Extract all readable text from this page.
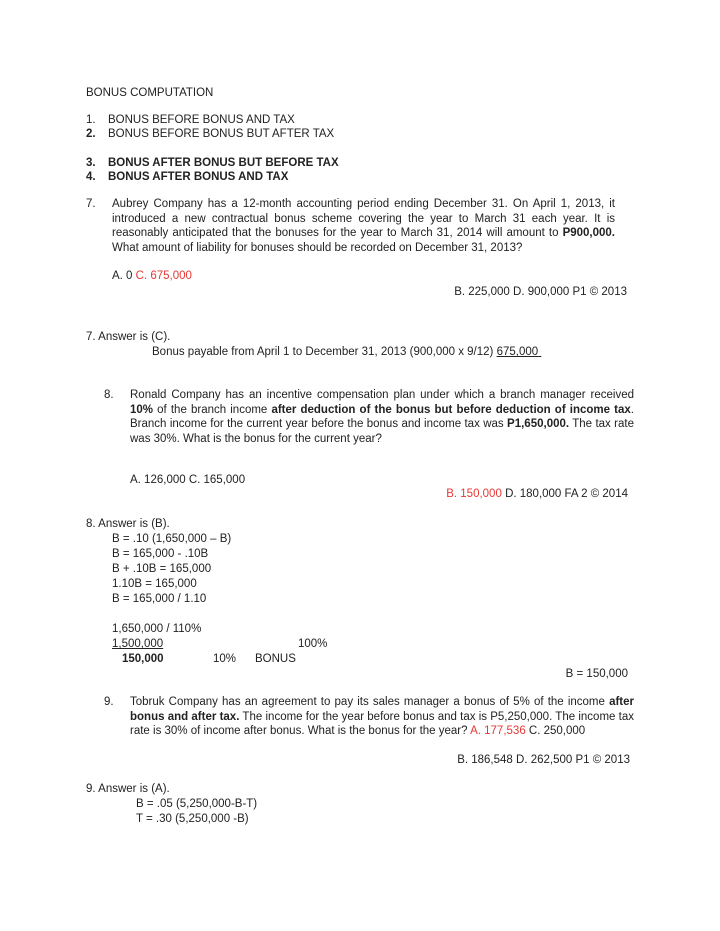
BONUS COMPUTATION
1. BONUS BEFORE BONUS AND TAX
2. BONUS BEFORE BONUS BUT AFTER TAX
3. BONUS AFTER BONUS BUT BEFORE TAX
4. BONUS AFTER BONUS AND TAX
7. Aubrey Company has a 12-month accounting period ending December 31. On April 1, 2013, it introduced a new contractual bonus scheme covering the year to March 31 each year. It is reasonably anticipated that the bonuses for the year to March 31, 2014 will amount to P900,000. What amount of liability for bonuses should be recorded on December 31, 2013?
A. 0 C. 675,000
B. 225,000 D. 900,000 P1 © 2013
7. Answer is (C).
Bonus payable from April 1 to December 31, 2013 (900,000 x 9/12) 675,000
8. Ronald Company has an incentive compensation plan under which a branch manager received 10% of the branch income after deduction of the bonus but before deduction of income tax. Branch income for the current year before the bonus and income tax was P1,650,000. The tax rate was 30%. What is the bonus for the current year?
A. 126,000 C. 165,000
B. 150,000 D. 180,000 FA 2 © 2014
8. Answer is (B).
B = .10 (1,650,000 – B)
B = 165,000 - .10B
B + .10B = 165,000
1.10B = 165,000
B = 165,000 / 1.10
1,650,000 / 110%
1,500,000	100%
150,000	10% BONUS
B = 150,000
9. Tobruk Company has an agreement to pay its sales manager a bonus of 5% of the income after bonus and after tax. The income for the year before bonus and tax is P5,250,000. The income tax rate is 30% of income after bonus. What is the bonus for the year? A. 177,536 C. 250,000
B. 186,548 D. 262,500 P1 © 2013
9. Answer is (A).
B = .05 (5,250,000-B-T)
T = .30 (5,250,000 -B)
